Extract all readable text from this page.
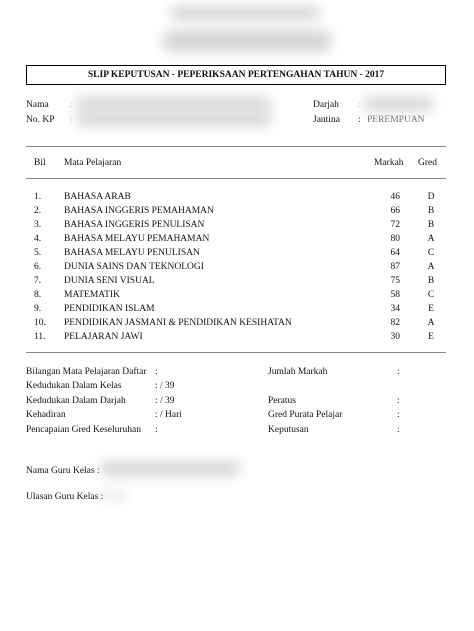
SLIP KEPUTUSAN - PEPERIKSAAN PERTENGAHAN TAHUN - 2017
Nama :
No. KP :
Darjah :
Jantina : PEREMPUAN
Bil Mata Pelajaran	Markah Gred
1. BAHASA ARAB	46	D
2. BAHASA INGGERIS PEMAHAMAN	66	B
3. BAHASA INGGERIS PENULISAN	72	B
4. BAHASA MELAYU PEMAHAMAN	80	A
5. BAHASA MELAYU PENULISAN	64	C
6. DUNIA SAINS DAN TEKNOLOGI	87	A
7. DUNIA SENI VISUAL	75	B
8. MATEMATIK	58	C
9. PENDIDIKAN ISLAM	34	E
10. PENDIDIKAN JASMANI & PENDIDIKAN KESIHATAN	82	A
11. PELAJARAN JAWI	30	E
Bilangan Mata Pelajaran Daftar :
Kedudukan Dalam Kelas	: / 39
Kedudukan Dalam Darjah	: / 39
Kehadiran	: / Hari
Pencapaian Gred Keseluruhan :
Jumlah Markah	:
Peratus	:
Gred Purata Pelajar	:
Keputusan	:
Nama Guru Kelas :
Ulasan Guru Kelas :
